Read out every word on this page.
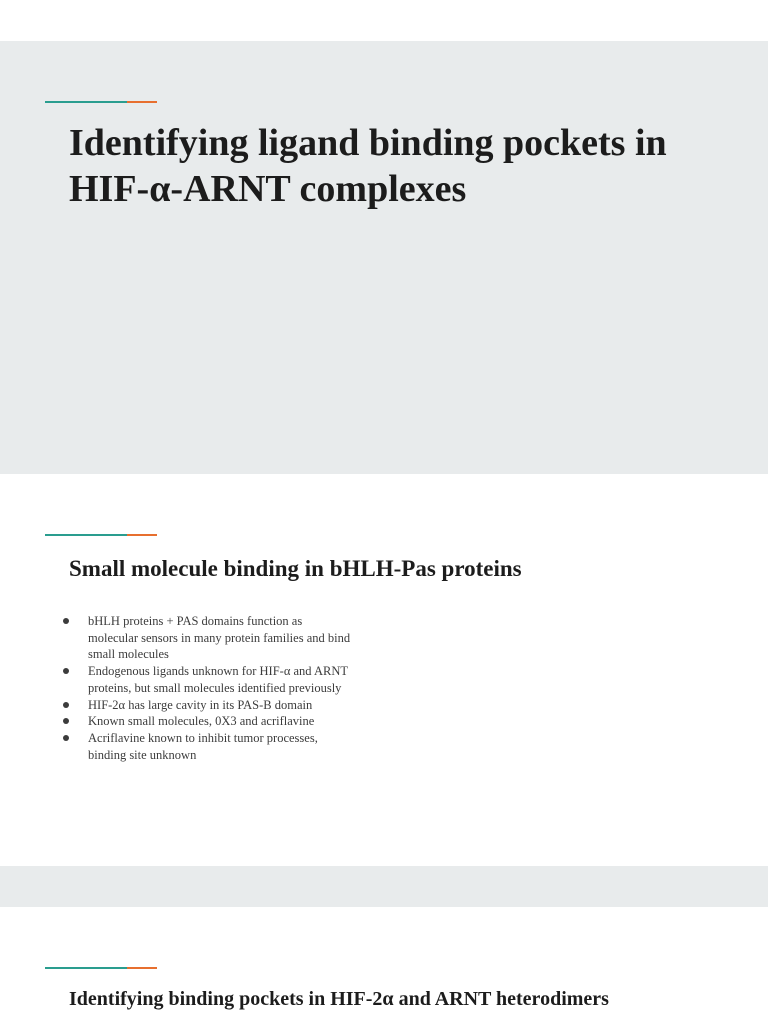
Identifying ligand binding pockets in HIF-α-ARNT complexes
Small molecule binding in bHLH-Pas proteins
bHLH proteins + PAS domains function as molecular sensors in many protein families and bind small molecules
Endogenous ligands unknown for HIF-α and ARNT proteins, but small molecules identified previously
HIF-2α has large cavity in its PAS-B domain
Known small molecules, 0X3 and acriflavine
Acriflavine known to inhibit tumor processes, binding site unknown
Identifying binding pockets in HIF-2α and ARNT heterodimers
